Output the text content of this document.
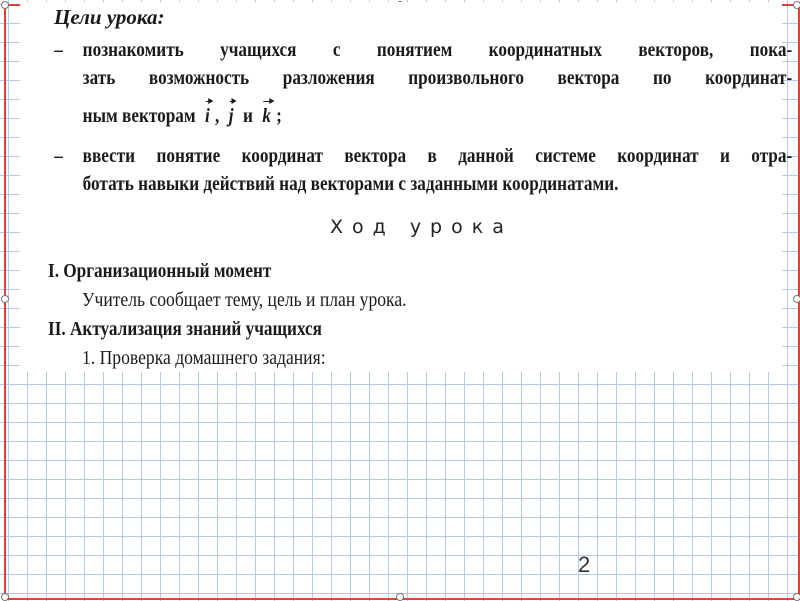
Цели урока:

– познакомить учащихся с понятием координатных векторов, пока-
зать возможность разложения произвольного вектора по координат-
ным векторам i , j и k ;
– ввести понятие координат вектора в данной системе координат и отра-
ботать навыки действий над векторами с заданными координатами.
Ход урока
I. Организационный момент
Учитель сообщает тему, цель и план урока.
II. Актуализация знаний учащихся
1. Проверка домашнего задания:
2
